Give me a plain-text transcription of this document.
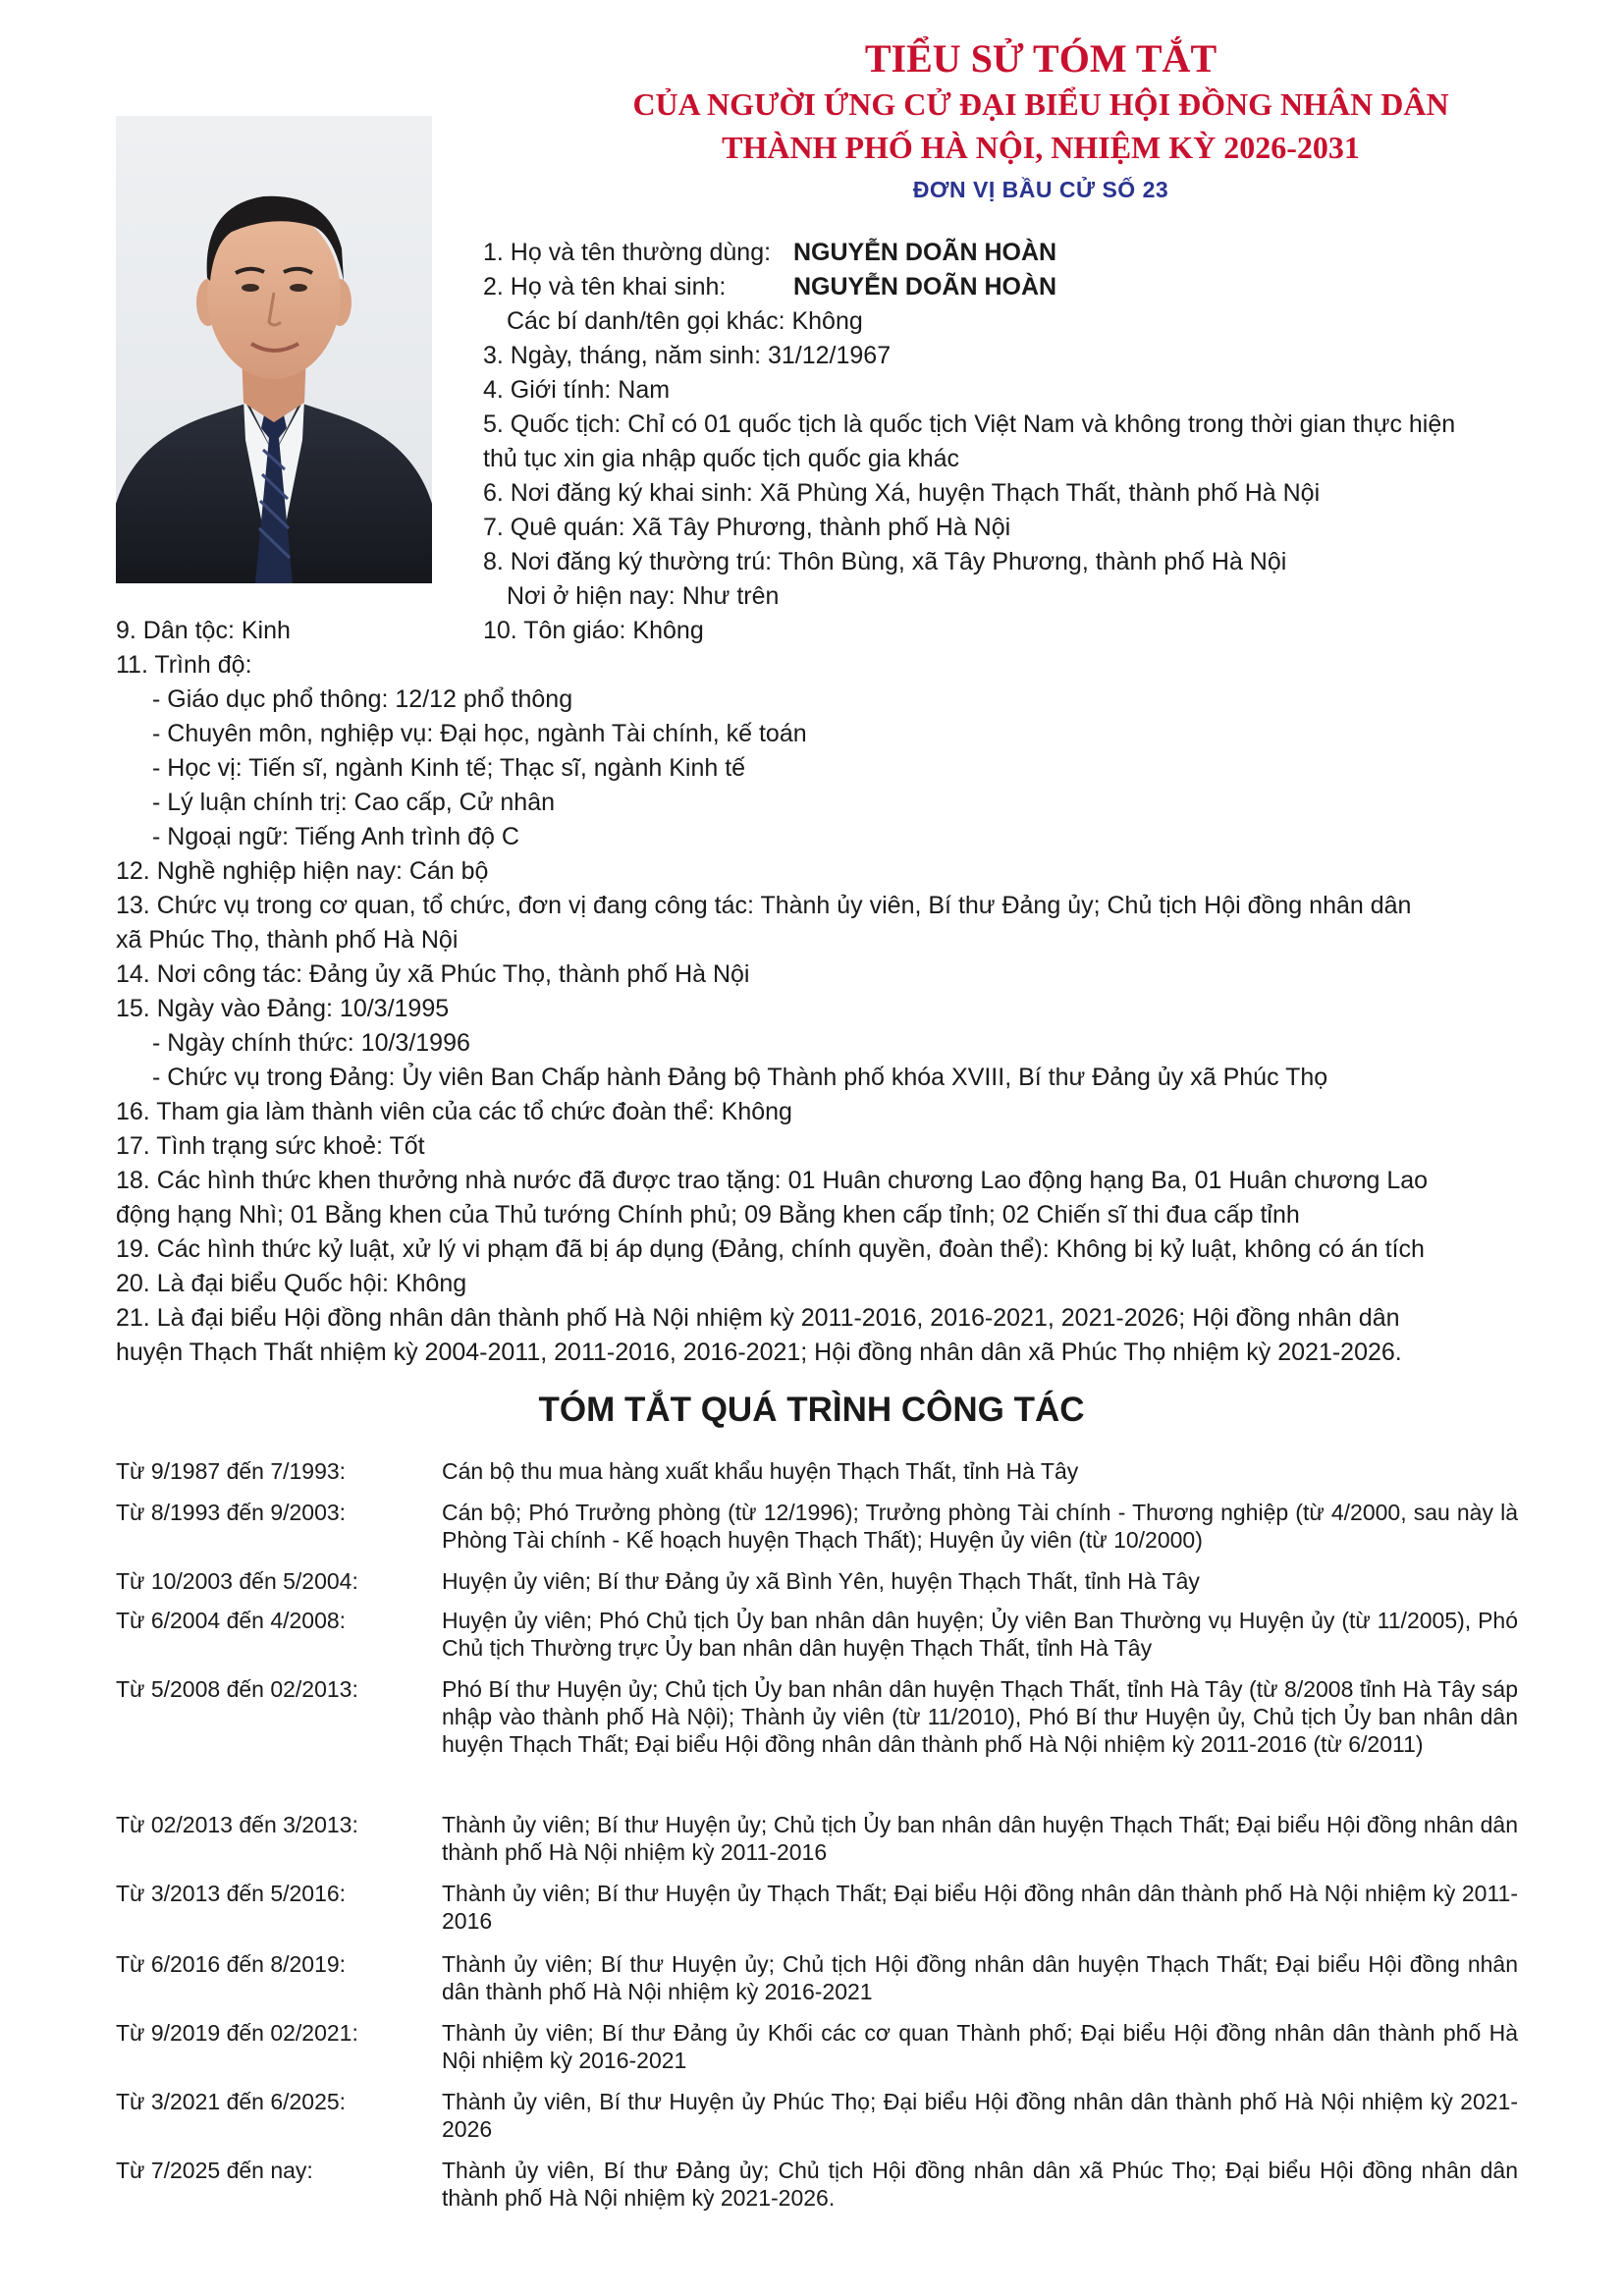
TIỂU SỬ TÓM TẮT
CỦA NGƯỜI ỨNG CỬ ĐẠI BIỂU HỘI ĐỒNG NHÂN DÂN
THÀNH PHỐ HÀ NỘI, NHIỆM KỲ 2026-2031
ĐƠN VỊ BẦU CỬ SỐ 23
1. Họ và tên thường dùng: NGUYỄN DOÃN HOÀN
2. Họ và tên khai sinh:	NGUYỄN DOÃN HOÀN
Các bí danh/tên gọi khác: Không
3. Ngày, tháng, năm sinh: 31/12/1967
4. Giới tính: Nam
5. Quốc tịch: Chỉ có 01 quốc tịch là quốc tịch Việt Nam và không trong thời gian thực hiện
thủ tục xin gia nhập quốc tịch quốc gia khác
6. Nơi đăng ký khai sinh: Xã Phùng Xá, huyện Thạch Thất, thành phố Hà Nội
7. Quê quán: Xã Tây Phương, thành phố Hà Nội
8. Nơi đăng ký thường trú: Thôn Bùng, xã Tây Phương, thành phố Hà Nội
Nơi ở hiện nay: Như trên
9. Dân tộc: Kinh	10. Tôn giáo: Không
11. Trình độ:
- Giáo dục phổ thông: 12/12 phổ thông
- Chuyên môn, nghiệp vụ: Đại học, ngành Tài chính, kế toán
- Học vị: Tiến sĩ, ngành Kinh tế; Thạc sĩ, ngành Kinh tế
- Lý luận chính trị: Cao cấp, Cử nhân
- Ngoại ngữ: Tiếng Anh trình độ C
12. Nghề nghiệp hiện nay: Cán bộ
13. Chức vụ trong cơ quan, tổ chức, đơn vị đang công tác: Thành ủy viên, Bí thư Đảng ủy; Chủ tịch Hội đồng nhân dân
xã Phúc Thọ, thành phố Hà Nội
14. Nơi công tác: Đảng ủy xã Phúc Thọ, thành phố Hà Nội
15. Ngày vào Đảng: 10/3/1995
- Ngày chính thức: 10/3/1996
- Chức vụ trong Đảng: Ủy viên Ban Chấp hành Đảng bộ Thành phố khóa XVIII, Bí thư Đảng ủy xã Phúc Thọ
16. Tham gia làm thành viên của các tổ chức đoàn thể: Không
17. Tình trạng sức khoẻ: Tốt
18. Các hình thức khen thưởng nhà nước đã được trao tặng: 01 Huân chương Lao động hạng Ba, 01 Huân chương Lao
động hạng Nhì; 01 Bằng khen của Thủ tướng Chính phủ; 09 Bằng khen cấp tỉnh; 02 Chiến sĩ thi đua cấp tỉnh
19. Các hình thức kỷ luật, xử lý vi phạm đã bị áp dụng (Đảng, chính quyền, đoàn thể): Không bị kỷ luật, không có án tích
20. Là đại biểu Quốc hội: Không
21. Là đại biểu Hội đồng nhân dân thành phố Hà Nội nhiệm kỳ 2011-2016, 2016-2021, 2021-2026; Hội đồng nhân dân
huyện Thạch Thất nhiệm kỳ 2004-2011, 2011-2016, 2016-2021; Hội đồng nhân dân xã Phúc Thọ nhiệm kỳ 2021-2026.
TÓM TẮT QUÁ TRÌNH CÔNG TÁC
Từ 9/1987 đến 7/1993:	Cán bộ thu mua hàng xuất khẩu huyện Thạch Thất, tỉnh Hà Tây
Từ 8/1993 đến 9/2003:	Cán bộ; Phó Trưởng phòng (từ 12/1996); Trưởng phòng Tài chính - Thương nghiệp (từ 4/2000, sau này là Phòng Tài chính - Kế hoạch huyện Thạch Thất); Huyện ủy viên (từ 10/2000)
Từ 10/2003 đến 5/2004:	Huyện ủy viên; Bí thư Đảng ủy xã Bình Yên, huyện Thạch Thất, tỉnh Hà Tây
Từ 6/2004 đến 4/2008:	Huyện ủy viên; Phó Chủ tịch Ủy ban nhân dân huyện; Ủy viên Ban Thường vụ Huyện ủy (từ 11/2005), Phó Chủ tịch Thường trực Ủy ban nhân dân huyện Thạch Thất, tỉnh Hà Tây
Từ 5/2008 đến 02/2013:	Phó Bí thư Huyện ủy; Chủ tịch Ủy ban nhân dân huyện Thạch Thất, tỉnh Hà Tây (từ 8/2008 tỉnh Hà Tây sáp nhập vào thành phố Hà Nội); Thành ủy viên (từ 11/2010), Phó Bí thư Huyện ủy, Chủ tịch Ủy ban nhân dân huyện Thạch Thất; Đại biểu Hội đồng nhân dân thành phố Hà Nội nhiệm kỳ 2011-2016 (từ 6/2011)
Từ 02/2013 đến 3/2013:	Thành ủy viên; Bí thư Huyện ủy; Chủ tịch Ủy ban nhân dân huyện Thạch Thất; Đại biểu Hội đồng nhân dân thành phố Hà Nội nhiệm kỳ 2011-2016
Từ 3/2013 đến 5/2016:	Thành ủy viên; Bí thư Huyện ủy Thạch Thất; Đại biểu Hội đồng nhân dân thành phố Hà Nội nhiệm kỳ 2011-2016
Từ 6/2016 đến 8/2019:	Thành ủy viên; Bí thư Huyện ủy; Chủ tịch Hội đồng nhân dân huyện Thạch Thất; Đại biểu Hội đồng nhân dân thành phố Hà Nội nhiệm kỳ 2016-2021
Từ 9/2019 đến 02/2021:	Thành ủy viên; Bí thư Đảng ủy Khối các cơ quan Thành phố; Đại biểu Hội đồng nhân dân thành phố Hà Nội nhiệm kỳ 2016-2021
Từ 3/2021 đến 6/2025:	Thành ủy viên, Bí thư Huyện ủy Phúc Thọ; Đại biểu Hội đồng nhân dân thành phố Hà Nội nhiệm kỳ 2021-2026
Từ 7/2025 đến nay:	Thành ủy viên, Bí thư Đảng ủy; Chủ tịch Hội đồng nhân dân xã Phúc Thọ; Đại biểu Hội đồng nhân dân thành phố Hà Nội nhiệm kỳ 2021-2026.
